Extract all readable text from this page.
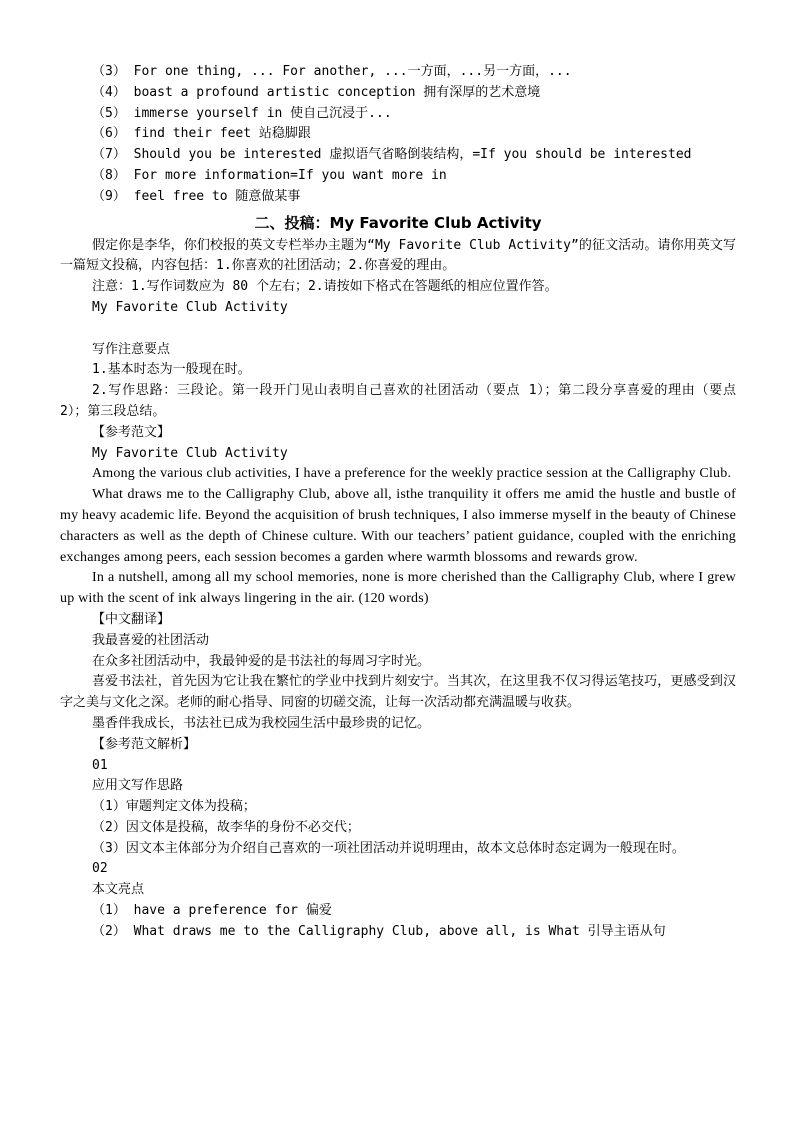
（3） For one thing, ... For another, ...一方面，...另一方面，...
（4） boast a profound artistic conception 拥有深厚的艺术意境
（5） immerse yourself in 使自己沉浸于...
（6） find their feet 站稳脚跟
（7） Should you be interested 虚拟语气省略倒装结构，=If you should be interested
（8） For more information=If you want more in
（9） feel free to 随意做某事
二、投稿：My Favorite Club Activity
假定你是李华，你们校报的英文专栏举办主题为“My Favorite Club Activity”的征文活动。请你用英文写一篇短文投稿，内容包括：1.你喜欢的社团活动；2.你喜爱的理由。
注意：1.写作词数应为 80 个左右；2.请按如下格式在答题纸的相应位置作答。
My Favorite Club Activity
写作注意要点
1.基本时态为一般现在时。
2.写作思路：三段论。第一段开门见山表明自己喜欢的社团活动（要点 1）；第二段分享喜爱的理由（要点 2）；第三段总结。
【参考范文】
My Favorite Club Activity
Among the various club activities, I have a preference for the weekly practice session at the Calligraphy Club.
What draws me to the Calligraphy Club, above all, isthe tranquility it offers me amid the hustle and bustle of my heavy academic life. Beyond the acquisition of brush techniques, I also immerse myself in the beauty of Chinese characters as well as the depth of Chinese culture. With our teachers’ patient guidance, coupled with the enriching exchanges among peers, each session becomes a garden where warmth blossoms and rewards grow.
In a nutshell, among all my school memories, none is more cherished than the Calligraphy Club, where I grew up with the scent of ink always lingering in the air. (120 words)
【中文翻译】
我最喜爱的社团活动
在众多社团活动中，我最钟爱的是书法社的每周习字时光。
喜爱书法社，首先因为它让我在繁忙的学业中找到片刻安宁。当其次，在这里我不仅习得运笔技巧，更感受到汉字之美与文化之深。老师的耐心指导、同窗的切磋交流，让每一次活动都充满温暖与收获。
墨香伴我成长，书法社已成为我校园生活中最珍贵的记忆。
【参考范文解析】
01
应用文写作思路
（1）审题判定文体为投稿；
（2）因文体是投稿，故李华的身份不必交代；
（3）因文本主体部分为介绍自己喜欢的一项社团活动并说明理由，故本文总体时态定调为一般现在时。
02
本文亮点
（1） have a preference for 偏爱
（2） What draws me to the Calligraphy Club, above all, is What 引导主语从句
